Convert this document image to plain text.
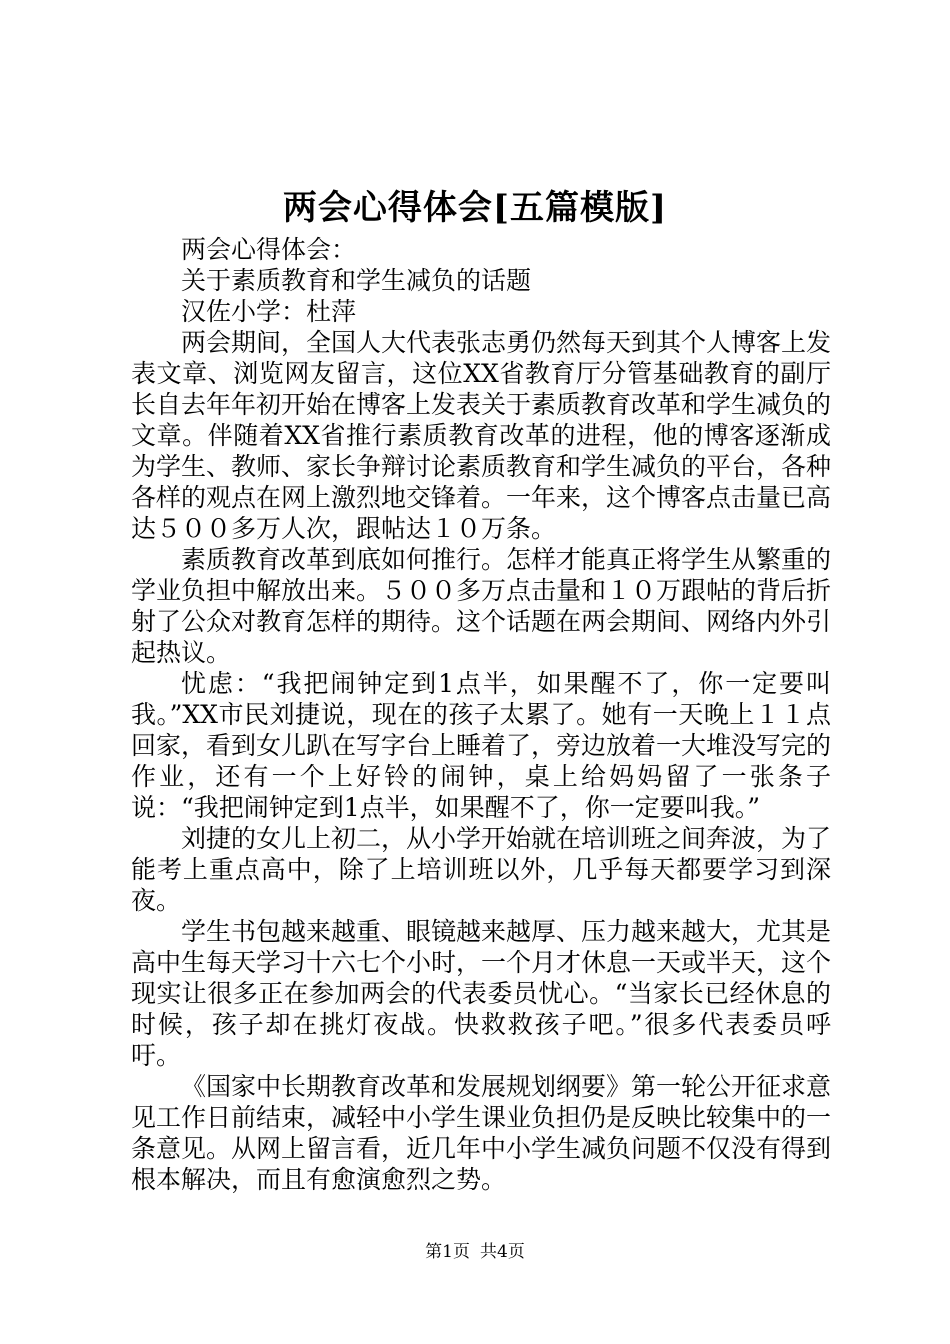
两会心得体会[五篇模版]

两会心得体会：

关于素质教育和学生减负的话题

汉佐小学：杜萍

两会期间，全国人大代表张志勇仍然每天到其个人博客上发表文章、浏览网友留言，这位XX省教育厅分管基础教育的副厅长自去年年初开始在博客上发表关于素质教育改革和学生减负的文章。伴随着XX省推行素质教育改革的进程，他的博客逐渐成为学生、教师、家长争辩讨论素质教育和学生减负的平台，各种各样的观点在网上激烈地交锋着。一年来，这个博客点击量已高达５００多万人次，跟帖达１０万条。

素质教育改革到底如何推行。怎样才能真正将学生从繁重的学业负担中解放出来。５００多万点击量和１０万跟帖的背后折射了公众对教育怎样的期待。这个话题在两会期间、网络内外引起热议。

忧虑：“我把闹钟定到1点半，如果醒不了，你一定要叫我。”XX市民刘捷说，现在的孩子太累了。她有一天晚上１１点回家，看到女儿趴在写字台上睡着了，旁边放着一大堆没写完的作业，还有一个上好铃的闹钟，桌上给妈妈留了一张条子说：“我把闹钟定到1点半，如果醒不了，你一定要叫我。”

刘捷的女儿上初二，从小学开始就在培训班之间奔波，为了能考上重点高中，除了上培训班以外，几乎每天都要学习到深夜。

学生书包越来越重、眼镜越来越厚、压力越来越大，尤其是高中生每天学习十六七个小时，一个月才休息一天或半天，这个现实让很多正在参加两会的代表委员忧心。“当家长已经休息的时候，孩子却在挑灯夜战。快救救孩子吧。”很多代表委员呼吁。

《国家中长期教育改革和发展规划纲要》第一轮公开征求意见工作日前结束，减轻中小学生课业负担仍是反映比较集中的一条意见。从网上留言看，近几年中小学生减负问题不仅没有得到根本解决，而且有愈演愈烈之势。

第1页 共4页
